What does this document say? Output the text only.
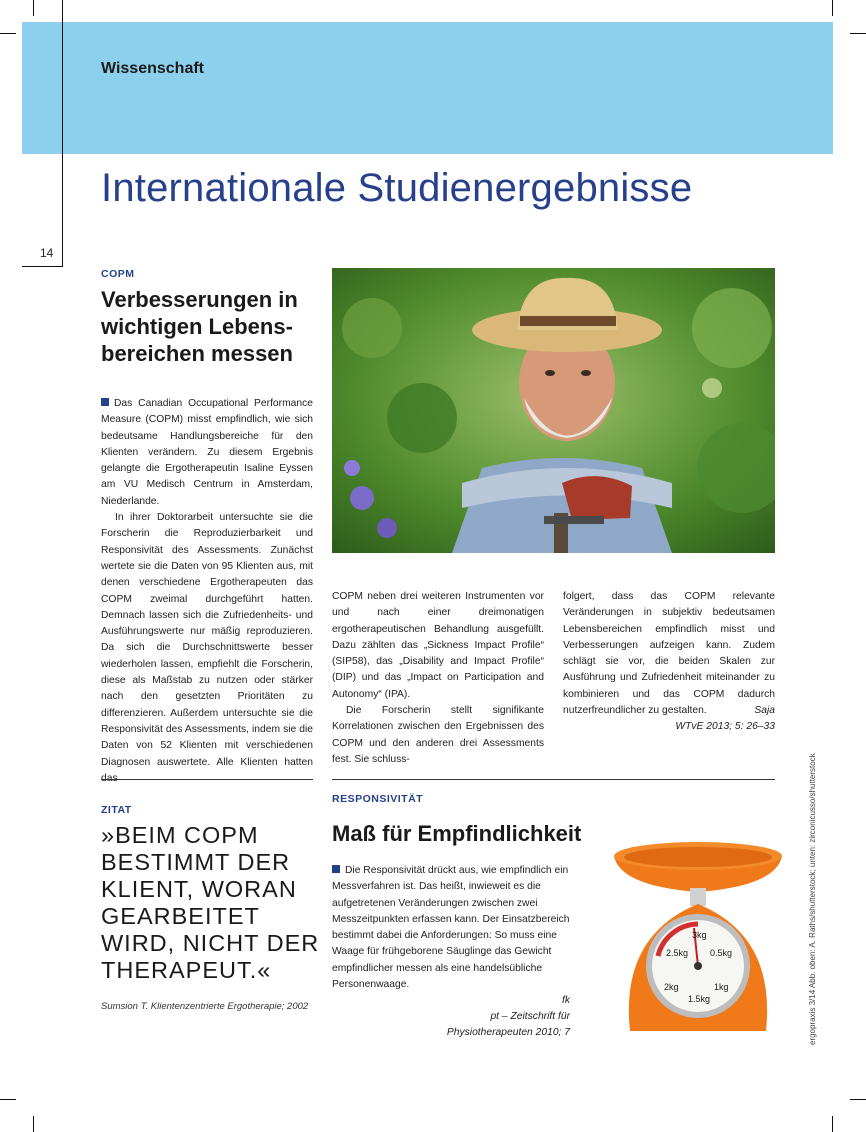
Wissenschaft
Internationale Studienergebnisse
14
COPM
Verbesserungen in
wichtigen Lebens-
bereichen messen

Das Canadian Occupational Performance Measure (COPM) misst empfindlich, wie sich bedeutsame Handlungsbereiche für den Klienten verändern. Zu diesem Ergebnis gelangte die Ergotherapeutin Isaline Eyssen am VU Medisch Centrum in Amsterdam, Niederlande.

In ihrer Doktorarbeit untersuchte sie die Forscherin die Reproduzierbarkeit und Responsivität des Assessments. Zunächst wertete sie die Daten von 95 Klienten aus, mit denen verschiedene Ergotherapeuten das COPM zweimal durchgeführt hatten. Demnach lassen sich die Zufriedenheits- und Ausführungswerte nur mäßig reproduzieren. Da sich die Durchschnittswerte besser wiederholen lassen, empfiehlt die Forscherin, diese als Maßstab zu nutzen oder stärker nach den gesetzten Prioritäten zu differenzieren. Außerdem untersuchte sie die Responsivität des Assessments, indem sie die Daten von 52 Klienten mit verschiedenen Diagnosen auswertete. Alle Klienten hatten

COPM neben drei weiteren Instrumenten vor und nach einer dreimonatigen ergotherapeutischen Behandlung ausgefüllt. Dazu zählten das „Sickness Impact Profile“ (SIP58), das „Disability and Impact Profile“ (DIP) und das „Impact on Participation and Autonomy“ (IPA).

Die Forscherin stellt signifikante Korrelationen zwischen den Ergebnissen des COPM und den anderen drei Assessments fest. Sie schluss-

folgert, dass das COPM relevante Veränderungen in subjektiv bedeutsamen Lebensbereichen empfindlich misst und Verbesserungen aufzeigen kann. Zudem schlägt sie vor, die beiden Skalen zur Ausführung und Zufriedenheit miteinander zu kombinieren und das COPM dadurch nutzerfreundlicher zu gestalten.	Saja
WTvE 2013; 5: 26–33
ZITAT
»BEIM COPM
BESTIMMT DER
KLIENT, WORAN
GEARBEITET
WIRD, NICHT DER
THERAPEUT.«
Sumsion T. Klientenzentrierte Ergotherapie; 2002
RESPONSIVITÄT
Maß für Empfindlichkeit

Die Responsivität drückt aus, wie empfindlich ein Messverfahren ist. Das heißt, inwieweit es die aufgetretenen Veränderungen zwischen zwei Messzeitpunkten erfassen kann. Der Einsatzbereich bestimmt dabei die Anforderungen: So muss eine Waage für frühgeborene Säuglinge das Gewicht empfindlicher messen als eine handelsübliche Personenwaage.

fk
pt – Zeitschrift für
Physiotherapeuten 2010; 7
3kg
2.5kg 0.5kg
2kg	1kg
1.5kg	ergopraxis 3/14 Abb. oben: A. Raths/shutterstock; unten: zirconicusso/shutterstock
